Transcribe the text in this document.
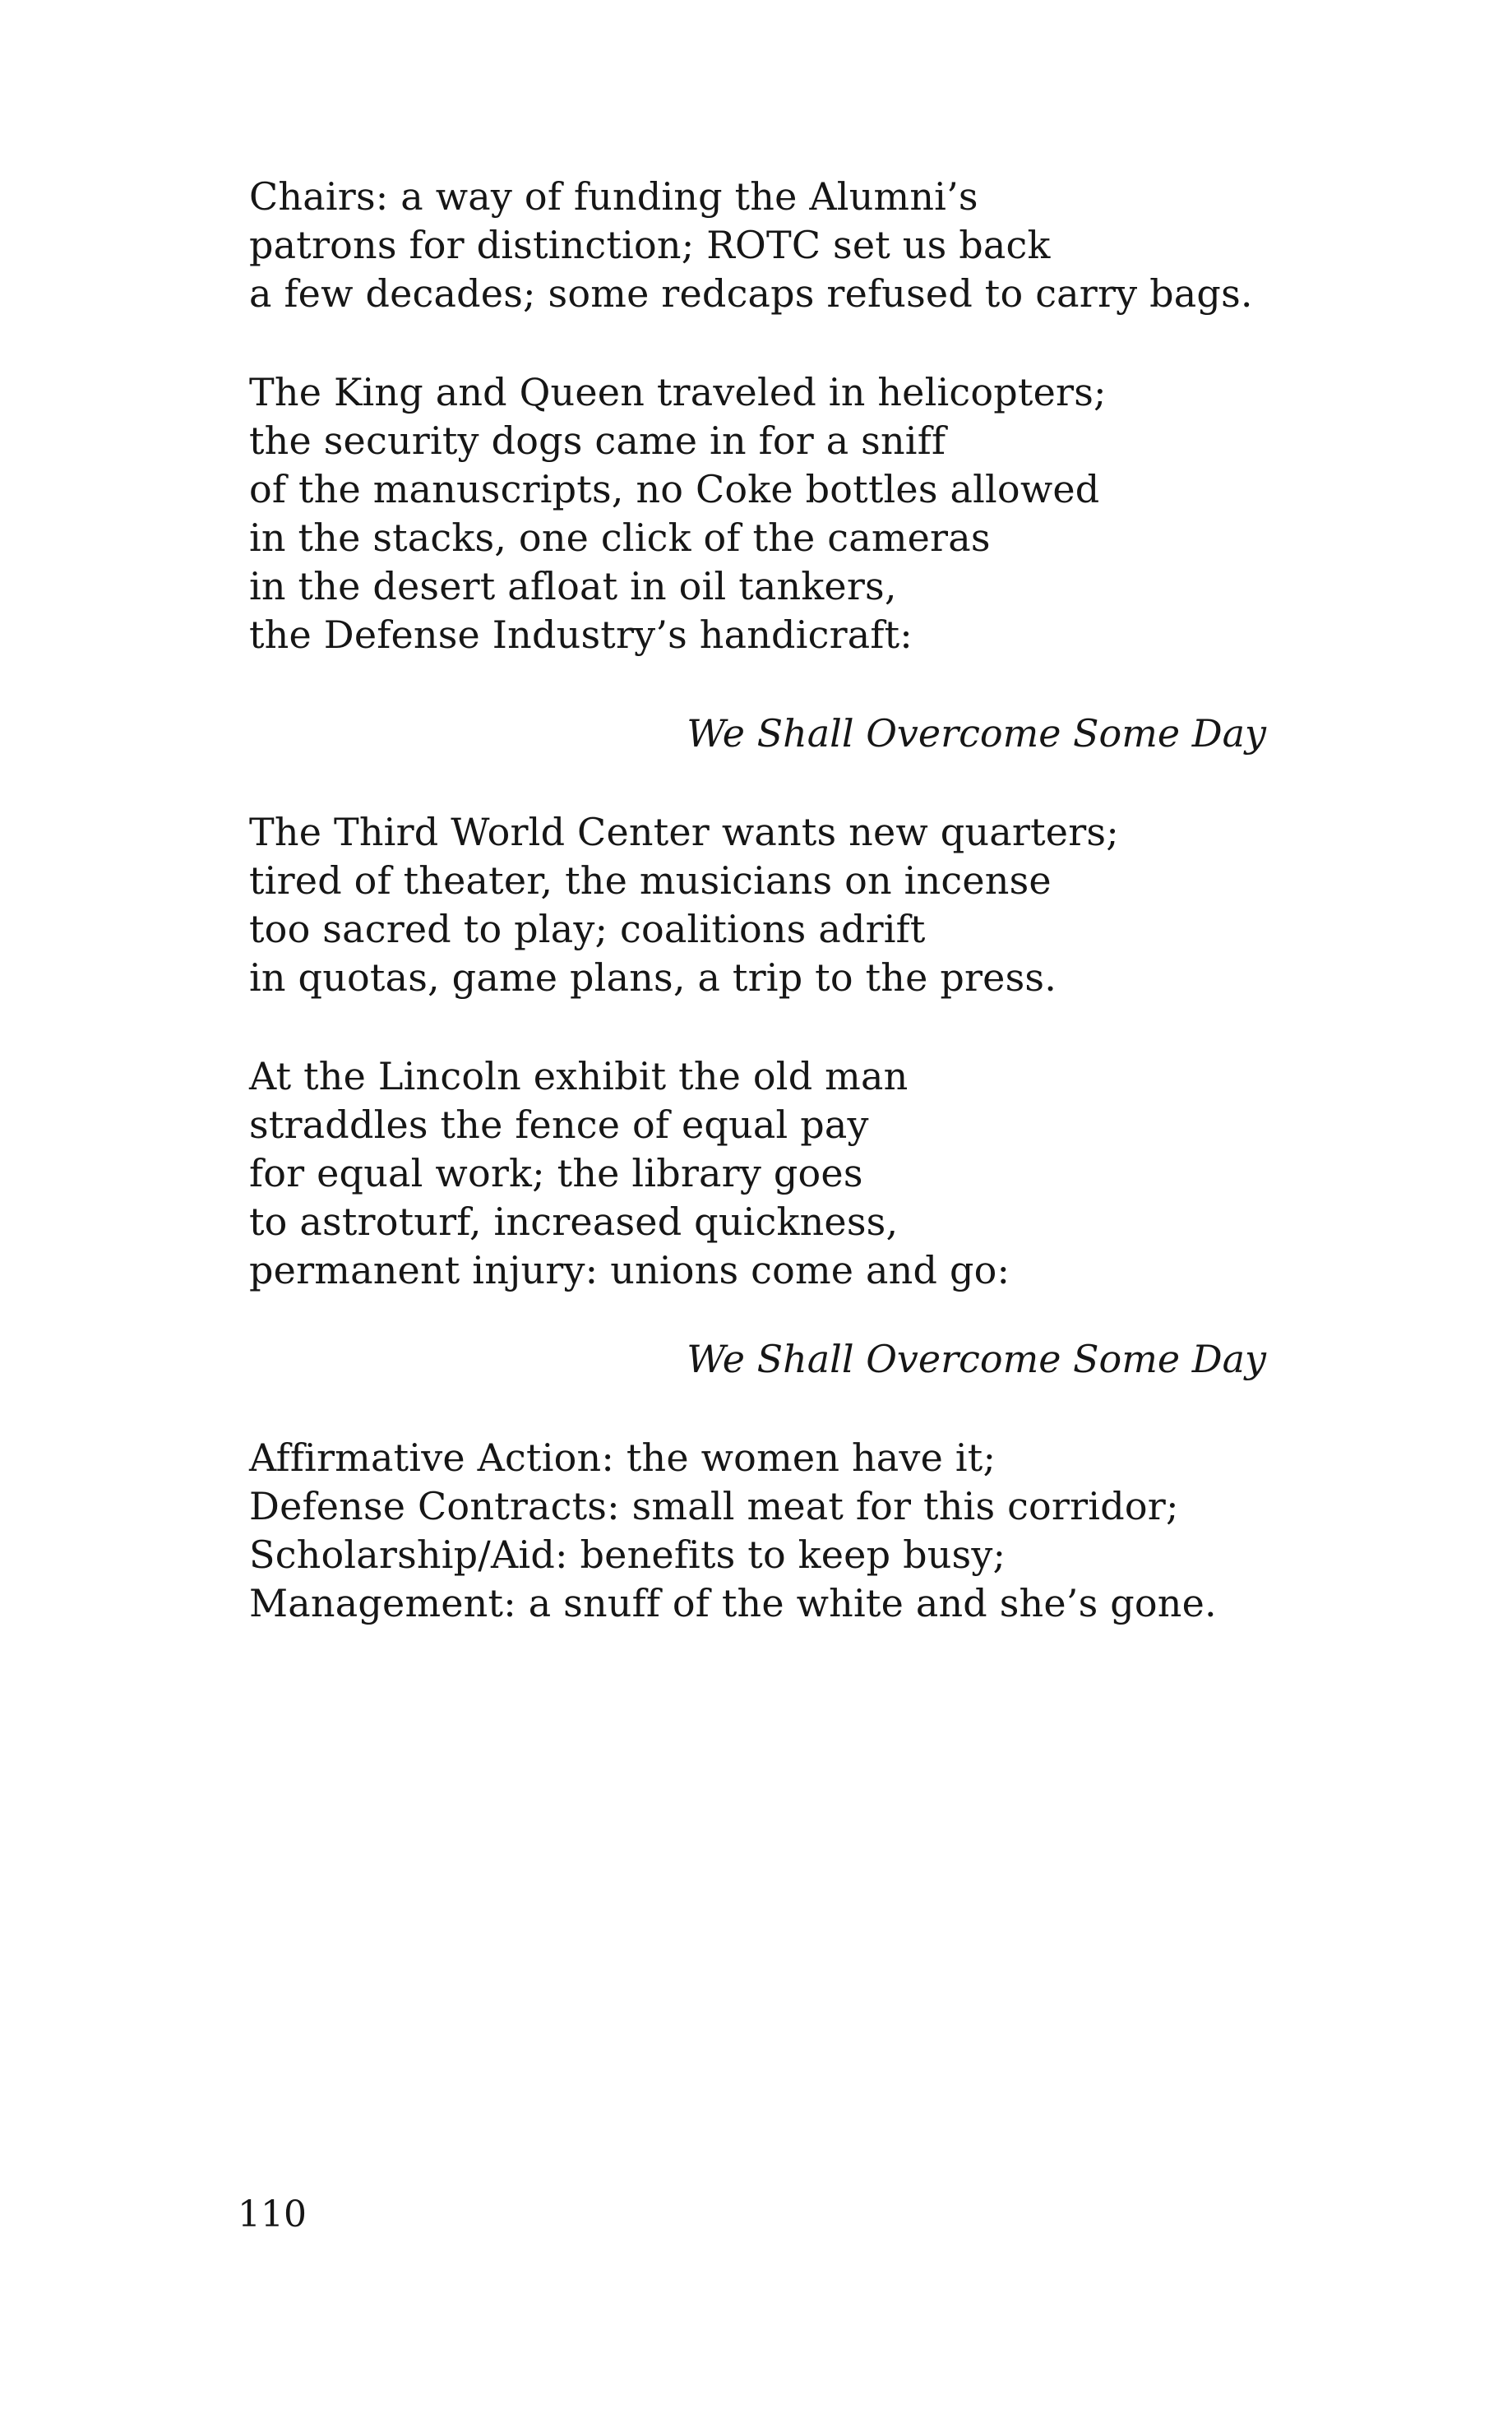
Chairs: a way of funding the Alumni’s
patrons for distinction; ROTC set us back
a few decades; some redcaps refused to carry bags.
The King and Queen traveled in helicopters;
the security dogs came in for a sniff
of the manuscripts, no Coke bottles allowed
in the stacks, one click of the cameras
in the desert afloat in oil tankers,
the Defense Industry’s handicraft:
We Shall Overcome Some Day
The Third World Center wants new quarters;
tired of theater, the musicians on incense
too sacred to play; coalitions adrift
in quotas, game plans, a trip to the press.
At the Lincoln exhibit the old man
straddles the fence of equal pay
for equal work; the library goes
to astroturf, increased quickness,
permanent injury: unions come and go:
We Shall Overcome Some Day
Affirmative Action: the women have it;
Defense Contracts: small meat for this corridor;
Scholarship/Aid: benefits to keep busy;
Management: a snuff of the white and she’s gone.
110
